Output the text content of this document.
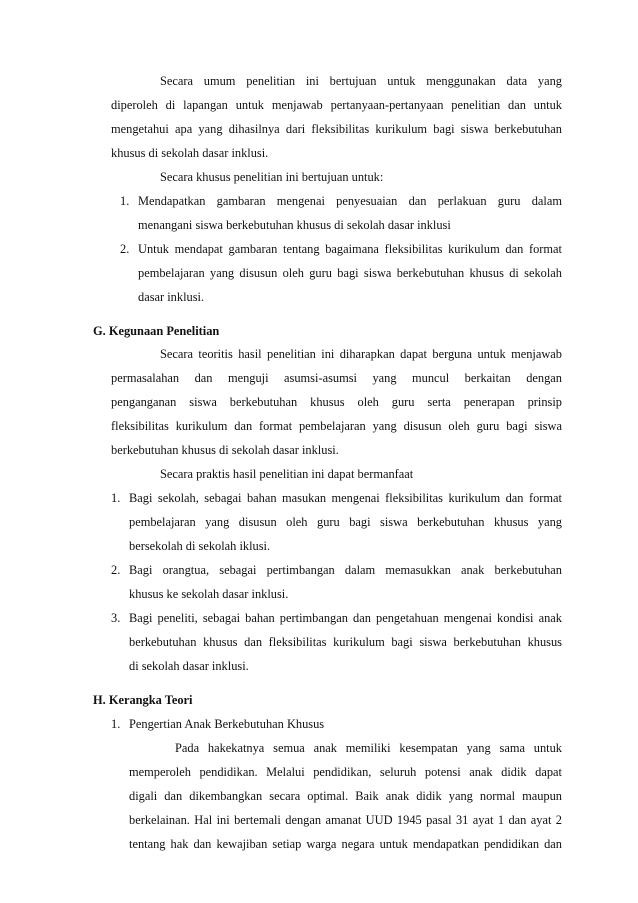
Secara umum penelitian ini bertujuan untuk menggunakan data yang
diperoleh di lapangan untuk menjawab pertanyaan-pertanyaan penelitian dan untuk
mengetahui apa yang dihasilnya dari fleksibilitas kurikulum bagi siswa berkebutuhan
khusus di sekolah dasar inklusi.
Secara khusus penelitian ini bertujuan untuk:
1. Mendapatkan gambaran mengenai penyesuaian dan perlakuan guru dalam
menangani siswa berkebutuhan khusus di sekolah dasar inklusi
2. Untuk mendapat gambaran tentang bagaimana fleksibilitas kurikulum dan format
pembelajaran yang disusun oleh guru bagi siswa berkebutuhan khusus di sekolah
dasar inklusi.
G. Kegunaan Penelitian
Secara teoritis hasil penelitian ini diharapkan dapat berguna untuk menjawab
permasalahan dan menguji asumsi-asumsi yang muncul berkaitan dengan
penganganan siswa berkebutuhan khusus oleh guru serta penerapan prinsip
fleksibilitas kurikulum dan format pembelajaran yang disusun oleh guru bagi siswa
berkebutuhan khusus di sekolah dasar inklusi.
Secara praktis hasil penelitian ini dapat bermanfaat
1. Bagi sekolah, sebagai bahan masukan mengenai fleksibilitas kurikulum dan format
pembelajaran yang disusun oleh guru bagi siswa berkebutuhan khusus yang
bersekolah di sekolah iklusi.
2. Bagi orangtua, sebagai pertimbangan dalam memasukkan anak berkebutuhan
khusus ke sekolah dasar inklusi.
3. Bagi peneliti, sebagai bahan pertimbangan dan pengetahuan mengenai kondisi anak
berkebutuhan khusus dan fleksibilitas kurikulum bagi siswa berkebutuhan khusus
di sekolah dasar inklusi.
H. Kerangka Teori
1. Pengertian Anak Berkebutuhan Khusus
Pada hakekatnya semua anak memiliki kesempatan yang sama untuk
memperoleh pendidikan. Melalui pendidikan, seluruh potensi anak didik dapat
digali dan dikembangkan secara optimal. Baik anak didik yang normal maupun
berkelainan. Hal ini bertemali dengan amanat UUD 1945 pasal 31 ayat 1 dan ayat 2
tentang hak dan kewajiban setiap warga negara untuk mendapatkan pendidikan dan
